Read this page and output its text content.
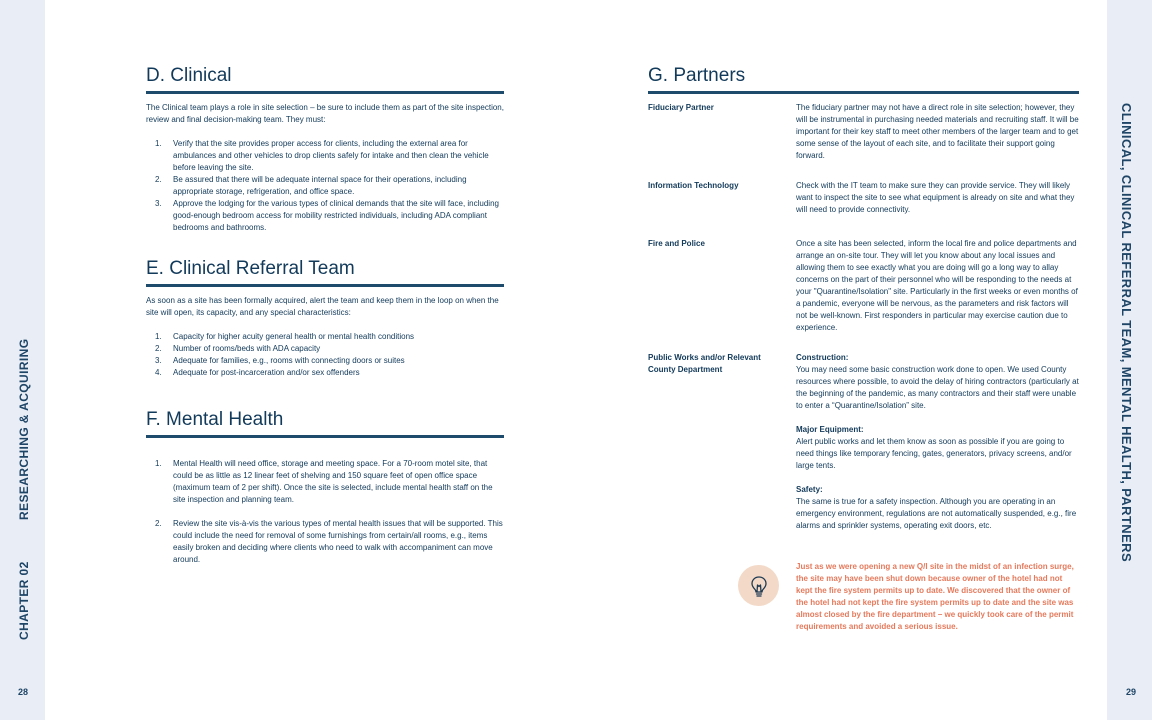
CHAPTER 02
RESEARCHING & ACQUIRING	CLINICAL, CLINICAL REFERRAL TEAM, MENTAL HEALTH, PARTNERS
28	29
D. Clinical

The Clinical team plays a role in site selection – be sure to include them as part of the site inspection, review and final decision-making team. They must:

1. Verify that the site provides proper access for clients, including the external area for ambulances and other vehicles to drop clients safely for intake and then clean the vehicle before leaving the site.
2. Be assured that there will be adequate internal space for their operations, including appropriate storage, refrigeration, and office space.
3. Approve the lodging for the various types of clinical demands that the site will face, including good-enough bedroom access for mobility restricted individuals, including ADA compliant bedrooms and bathrooms.
E. Clinical Referral Team

As soon as a site has been formally acquired, alert the team and keep them in the loop on when the site will open, its capacity, and any special characteristics:

1. Capacity for higher acuity general health or mental health conditions
2. Number of rooms/beds with ADA capacity
3. Adequate for families, e.g., rooms with connecting doors or suites
4. Adequate for post-incarceration and/or sex offenders
F. Mental Health
1. Mental Health will need office, storage and meeting space. For a 70-room motel site, that could be as little as 12 linear feet of shelving and 150 square feet of open office space (maximum team of 2 per shift). Once the site is selected, include mental health staff on the site inspection and planning team.
2. Review the site vis-à-vis the various types of mental health issues that will be supported. This could include the need for removal of some furnishings from certain/all rooms, e.g., items easily broken and deciding where clients who need to walk with accompaniment can move around.
G. Partners
Fiduciary Partner	The fiduciary partner may not have a direct role in site selection; however, they will be instrumental in purchasing needed materials and recruiting staff. It will be important for their key staff to meet other members of the larger team and to get some sense of the layout of each site, and to facilitate their support going forward.
Information Technology	Check with the IT team to make sure they can provide service. They will likely want to inspect the site to see what equipment is already on site and what they will need to provide connectivity.
Fire and Police	Once a site has been selected, inform the local fire and police departments and arrange an on-site tour. They will let you know about any local issues and allowing them to see exactly what you are doing will go a long way to allay concerns on the part of their personnel who will be responding to the needs at your "Quarantine/Isolation" site. Particularly in the first weeks or even months of a pandemic, everyone will be nervous, as the parameters and risk factors will not be well-known. First responders in particular may exercise caution due to experience.
Public Works and/or Relevant County Department
Construction:
You may need some basic construction work done to open. We used County resources where possible, to avoid the delay of hiring contractors (particularly at the beginning of the pandemic, as many contractors and their staff were unable to enter a “Quarantine/Isolation” site.
Major Equipment:
Alert public works and let them know as soon as possible if you are going to need things like temporary fencing, gates, generators, privacy screens, and/or large tents.
Safety:
The same is true for a safety inspection. Although you are operating in an emergency environment, regulations are not automatically suspended, e.g., fire alarms and sprinkler systems, operating exit doors, etc.

Just as we were opening a new Q/I site in the midst of an infection surge, the site may have been shut down because owner of the hotel had not kept the fire system permits up to date. We discovered that the owner of the hotel had not kept the fire system permits up to date and the site was almost closed by the fire department – we quickly took care of the permit requirements and avoided a serious issue.
